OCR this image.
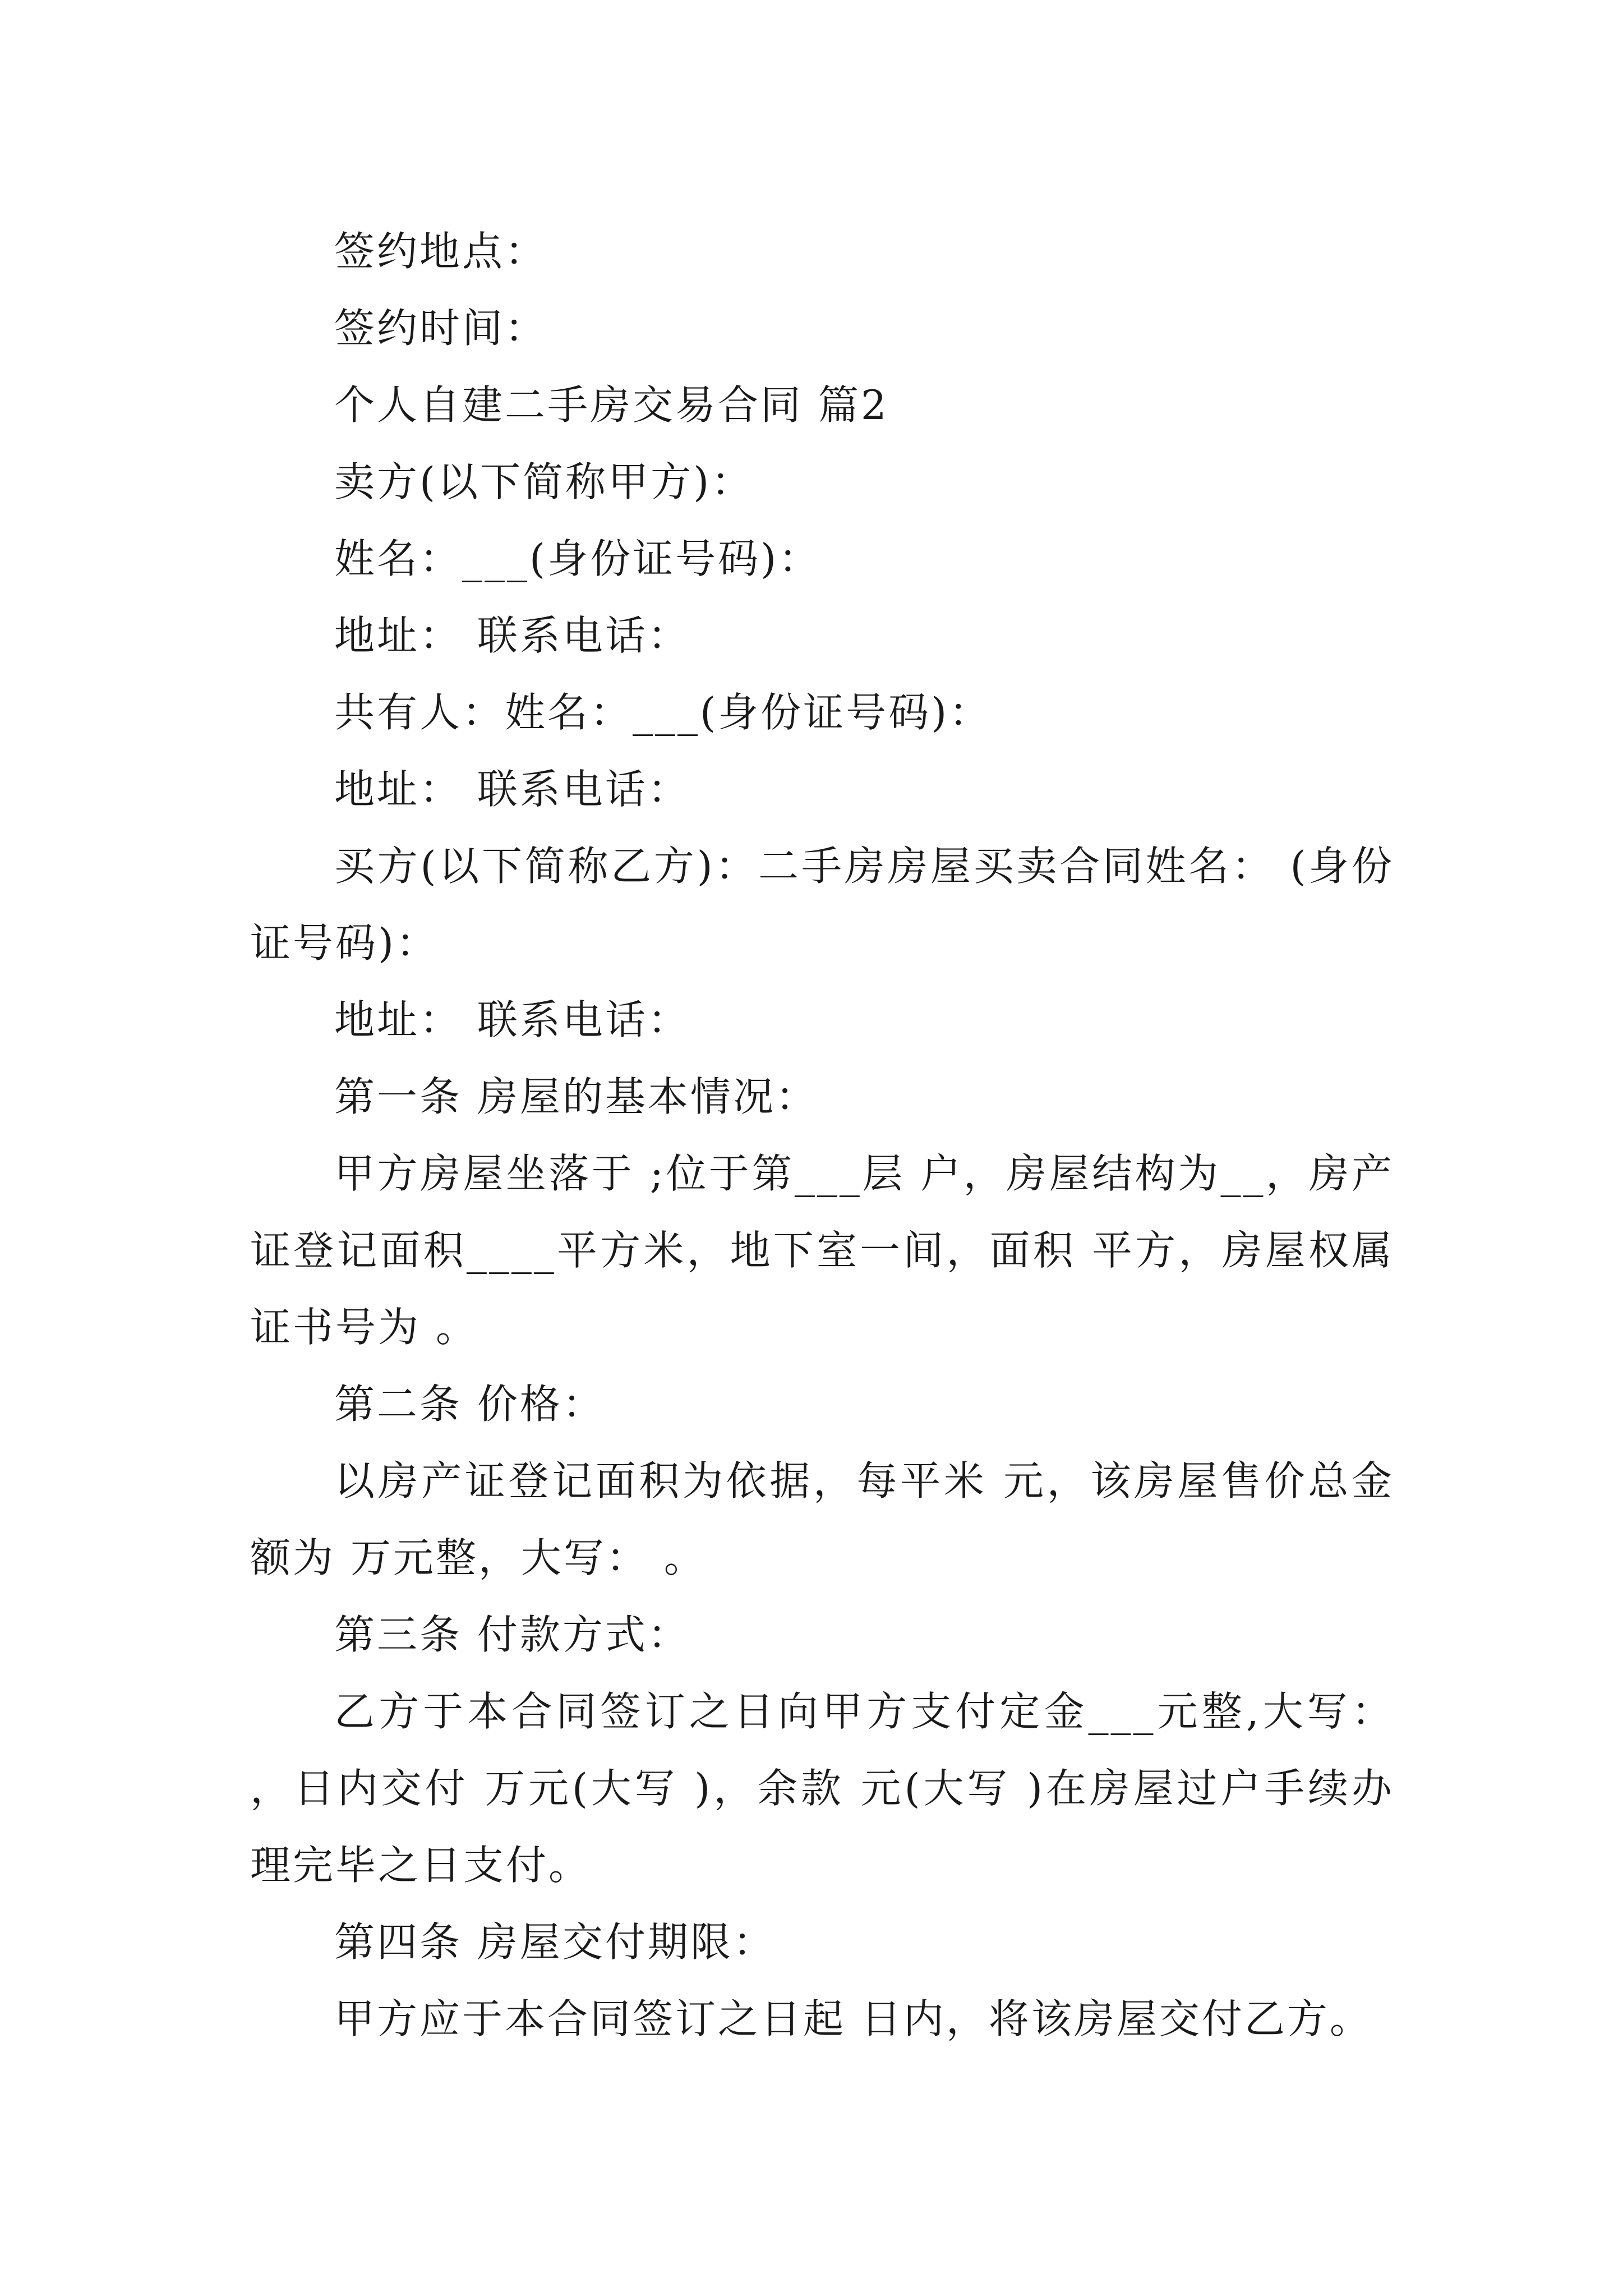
签约地点：

签约时间：

个人自建二手房交易合同 篇2

卖方(以下简称甲方)：

姓名：___(身份证号码)：

地址： 联系电话：

共有人：姓名：___(身份证号码)：

地址： 联系电话：

买方(以下简称乙方)：二手房房屋买卖合同姓名： (身份证号码)：

地址： 联系电话：

第一条 房屋的基本情况：

甲方房屋坐落于 ;位于第___层 户，房屋结构为__，房产证登记面积____平方米，地下室一间，面积 平方，房屋权属证书号为 。

第二条 价格：

以房产证登记面积为依据，每平米 元，该房屋售价总金额为 万元整，大写： 。

第三条 付款方式：

乙方于本合同签订之日向甲方支付定金___元整,大写： ，日内交付 万元(大写 )，余款 元(大写 )在房屋过户手续办理完毕之日支付。

第四条 房屋交付期限：

甲方应于本合同签订之日起 日内，将该房屋交付乙方。
